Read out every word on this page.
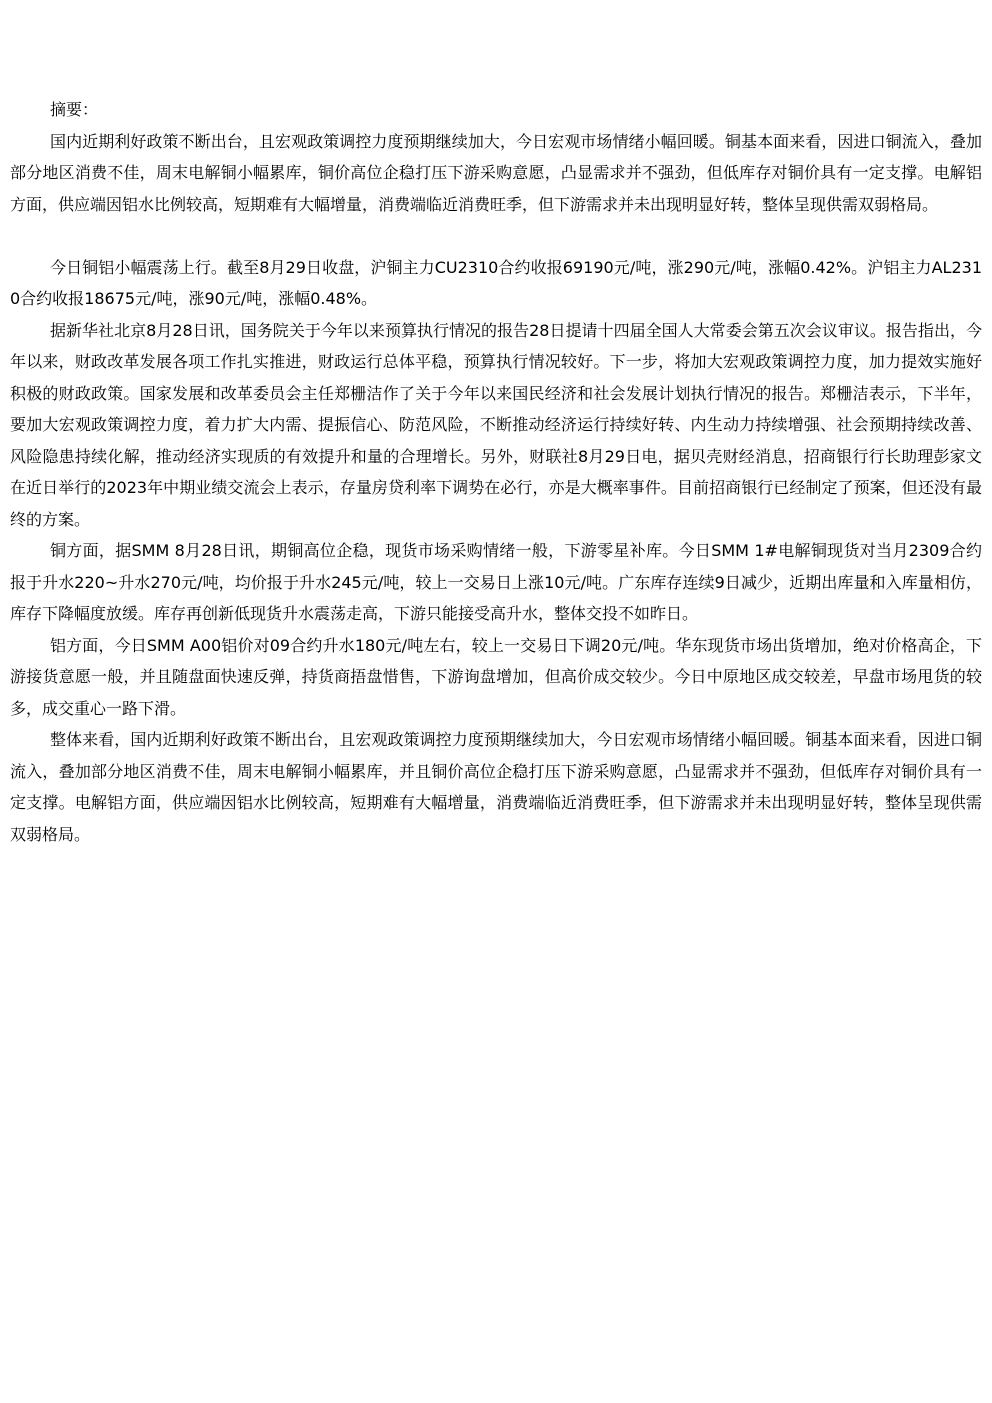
摘要：

国内近期利好政策不断出台，且宏观政策调控力度预期继续加大，今日宏观市场情绪小幅回暖。铜基本面来看，因进口铜流入，叠加部分地区消费不佳，周末电解铜小幅累库，铜价高位企稳打压下游采购意愿，凸显需求并不强劲，但低库存对铜价具有一定支撑。电解铝方面，供应端因铝水比例较高，短期难有大幅增量，消费端临近消费旺季，但下游需求并未出现明显好转，整体呈现供需双弱格局。

今日铜铝小幅震荡上行。截至8月29日收盘，沪铜主力CU2310合约收报69190元/吨，涨290元/吨，涨幅0.42%。沪铝主力AL2310合约收报18675元/吨，涨90元/吨，涨幅0.48%。

据新华社北京8月28日讯，国务院关于今年以来预算执行情况的报告28日提请十四届全国人大常委会第五次会议审议。报告指出，今年以来，财政改革发展各项工作扎实推进，财政运行总体平稳，预算执行情况较好。下一步，将加大宏观政策调控力度，加力提效实施好积极的财政政策。国家发展和改革委员会主任郑栅洁作了关于今年以来国民经济和社会发展计划执行情况的报告。郑栅洁表示，下半年，要加大宏观政策调控力度，着力扩大内需、提振信心、防范风险，不断推动经济运行持续好转、内生动力持续增强、社会预期持续改善、风险隐患持续化解，推动经济实现质的有效提升和量的合理增长。另外，财联社8月29日电，据贝壳财经消息，招商银行行长助理彭家文在近日举行的2023年中期业绩交流会上表示，存量房贷利率下调势在必行，亦是大概率事件。目前招商银行已经制定了预案，但还没有最终的方案。

铜方面，据SMM 8月28日讯，期铜高位企稳，现货市场采购情绪一般，下游零星补库。今日SMM 1#电解铜现货对当月2309合约报于升水220~升水270元/吨，均价报于升水245元/吨，较上一交易日上涨10元/吨。广东库存连续9日减少，近期出库量和入库量相仿，库存下降幅度放缓。库存再创新低现货升水震荡走高，下游只能接受高升水，整体交投不如昨日。

铝方面，今日SMM A00铝价对09合约升水180元/吨左右，较上一交易日下调20元/吨。华东现货市场出货增加，绝对价格高企，下游接货意愿一般，并且随盘面快速反弹，持货商捂盘惜售，下游询盘增加，但高价成交较少。今日中原地区成交较差，早盘市场甩货的较多，成交重心一路下滑。

整体来看，国内近期利好政策不断出台，且宏观政策调控力度预期继续加大，今日宏观市场情绪小幅回暖。铜基本面来看，因进口铜流入，叠加部分地区消费不佳，周末电解铜小幅累库，并且铜价高位企稳打压下游采购意愿，凸显需求并不强劲，但低库存对铜价具有一定支撑。电解铝方面，供应端因铝水比例较高，短期难有大幅增量，消费端临近消费旺季，但下游需求并未出现明显好转，整体呈现供需双弱格局。
